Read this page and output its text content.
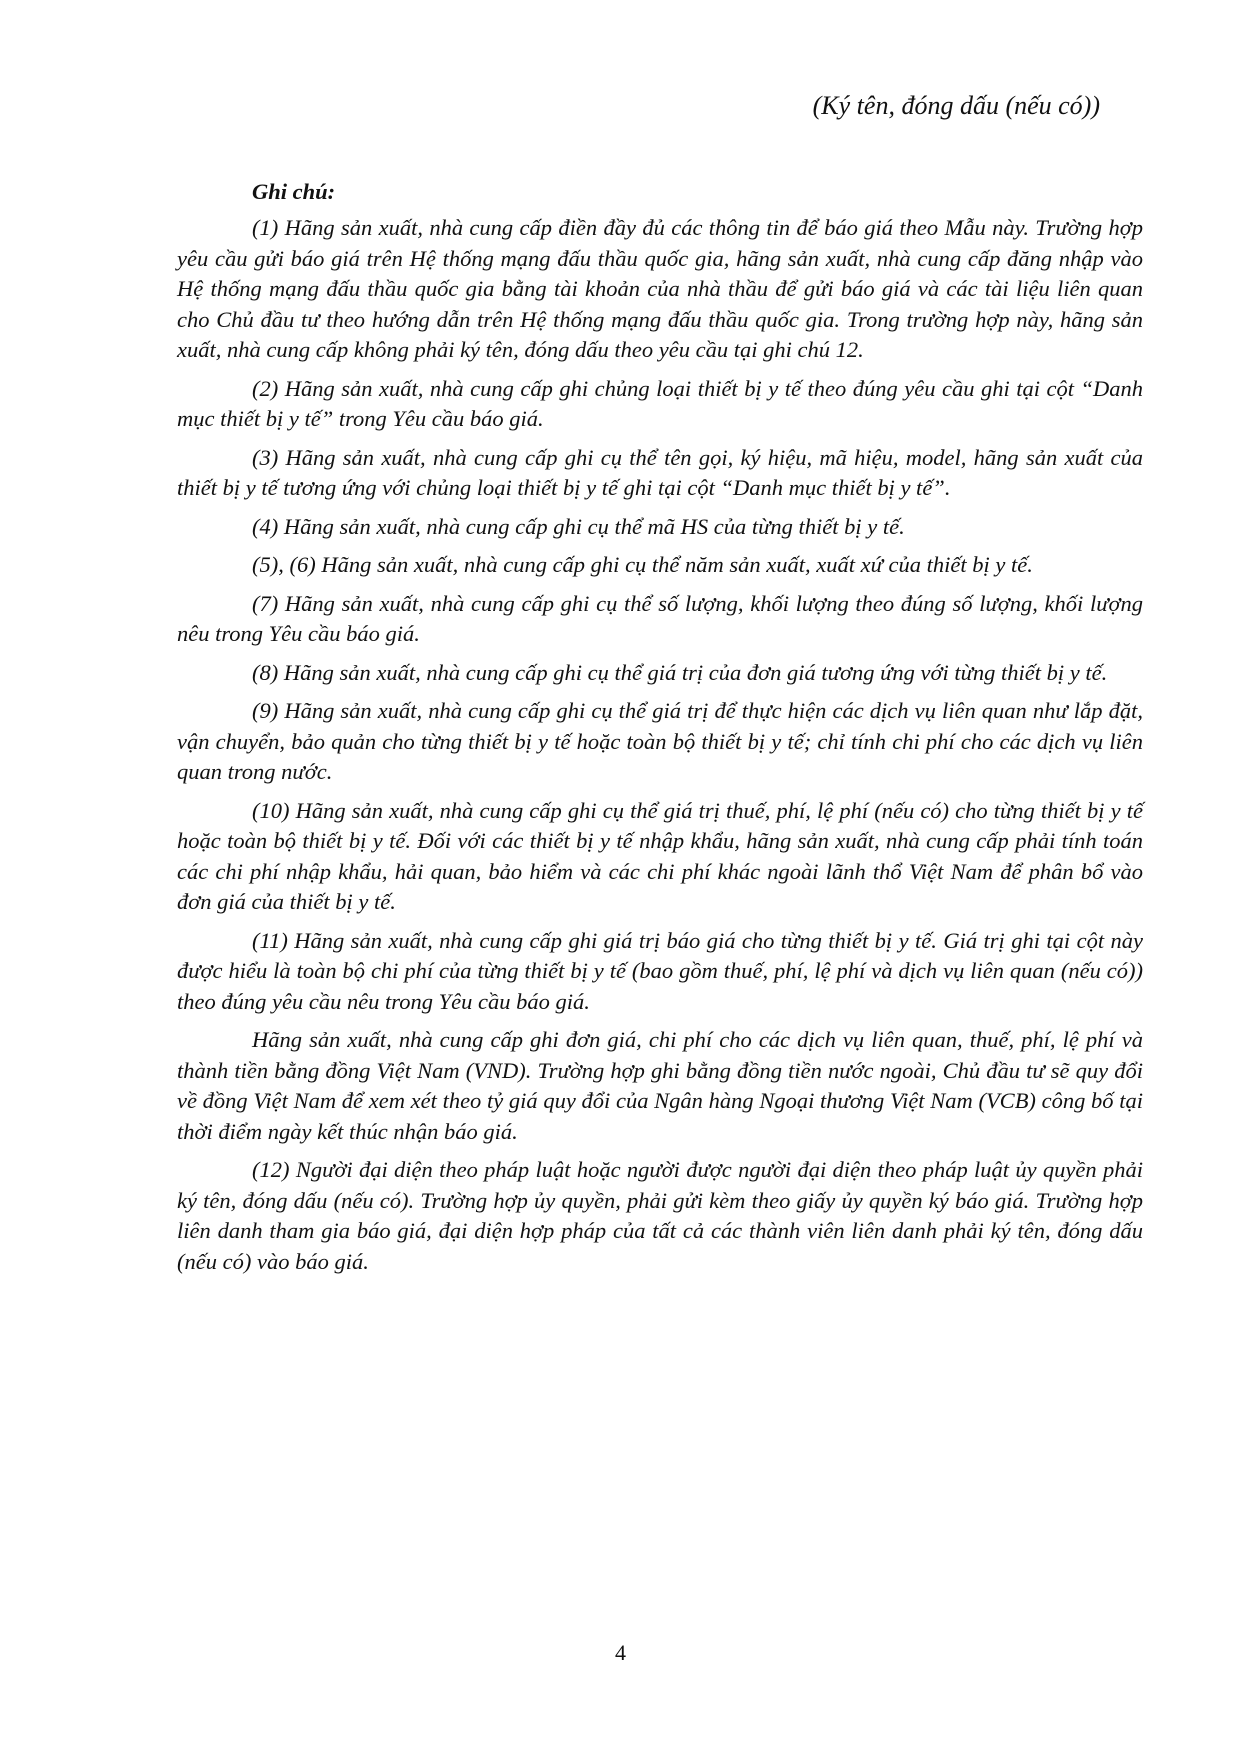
(Ký tên, đóng dấu (nếu có))
Ghi chú:

(1) Hãng sản xuất, nhà cung cấp điền đầy đủ các thông tin để báo giá theo Mẫu này. Trường hợp yêu cầu gửi báo giá trên Hệ thống mạng đấu thầu quốc gia, hãng sản xuất, nhà cung cấp đăng nhập vào Hệ thống mạng đấu thầu quốc gia bằng tài khoản của nhà thầu để gửi báo giá và các tài liệu liên quan cho Chủ đầu tư theo hướng dẫn trên Hệ thống mạng đấu thầu quốc gia. Trong trường hợp này, hãng sản xuất, nhà cung cấp không phải ký tên, đóng dấu theo yêu cầu tại ghi chú 12.

(2) Hãng sản xuất, nhà cung cấp ghi chủng loại thiết bị y tế theo đúng yêu cầu ghi tại cột “Danh mục thiết bị y tế” trong Yêu cầu báo giá.

(3) Hãng sản xuất, nhà cung cấp ghi cụ thể tên gọi, ký hiệu, mã hiệu, model, hãng sản xuất của thiết bị y tế tương ứng với chủng loại thiết bị y tế ghi tại cột “Danh mục thiết bị y tế”.

(4) Hãng sản xuất, nhà cung cấp ghi cụ thể mã HS của từng thiết bị y tế.

(5), (6) Hãng sản xuất, nhà cung cấp ghi cụ thể năm sản xuất, xuất xứ của thiết bị y tế.

(7) Hãng sản xuất, nhà cung cấp ghi cụ thể số lượng, khối lượng theo đúng số lượng, khối lượng nêu trong Yêu cầu báo giá.

(8) Hãng sản xuất, nhà cung cấp ghi cụ thể giá trị của đơn giá tương ứng với từng thiết bị y tế.

(9) Hãng sản xuất, nhà cung cấp ghi cụ thể giá trị để thực hiện các dịch vụ liên quan như lắp đặt, vận chuyển, bảo quản cho từng thiết bị y tế hoặc toàn bộ thiết bị y tế; chỉ tính chi phí cho các dịch vụ liên quan trong nước.

(10) Hãng sản xuất, nhà cung cấp ghi cụ thể giá trị thuế, phí, lệ phí (nếu có) cho từng thiết bị y tế hoặc toàn bộ thiết bị y tế. Đối với các thiết bị y tế nhập khẩu, hãng sản xuất, nhà cung cấp phải tính toán các chi phí nhập khẩu, hải quan, bảo hiểm và các chi phí khác ngoài lãnh thổ Việt Nam để phân bổ vào đơn giá của thiết bị y tế.

(11) Hãng sản xuất, nhà cung cấp ghi giá trị báo giá cho từng thiết bị y tế. Giá trị ghi tại cột này được hiểu là toàn bộ chi phí của từng thiết bị y tế (bao gồm thuế, phí, lệ phí và dịch vụ liên quan (nếu có)) theo đúng yêu cầu nêu trong Yêu cầu báo giá.

Hãng sản xuất, nhà cung cấp ghi đơn giá, chi phí cho các dịch vụ liên quan, thuế, phí, lệ phí và thành tiền bằng đồng Việt Nam (VND). Trường hợp ghi bằng đồng tiền nước ngoài, Chủ đầu tư sẽ quy đổi về đồng Việt Nam để xem xét theo tỷ giá quy đổi của Ngân hàng Ngoại thương Việt Nam (VCB) công bố tại thời điểm ngày kết thúc nhận báo giá.

(12) Người đại diện theo pháp luật hoặc người được người đại diện theo pháp luật ủy quyền phải ký tên, đóng dấu (nếu có). Trường hợp ủy quyền, phải gửi kèm theo giấy ủy quyền ký báo giá. Trường hợp liên danh tham gia báo giá, đại diện hợp pháp của tất cả các thành viên liên danh phải ký tên, đóng dấu (nếu có) vào báo giá.

4
